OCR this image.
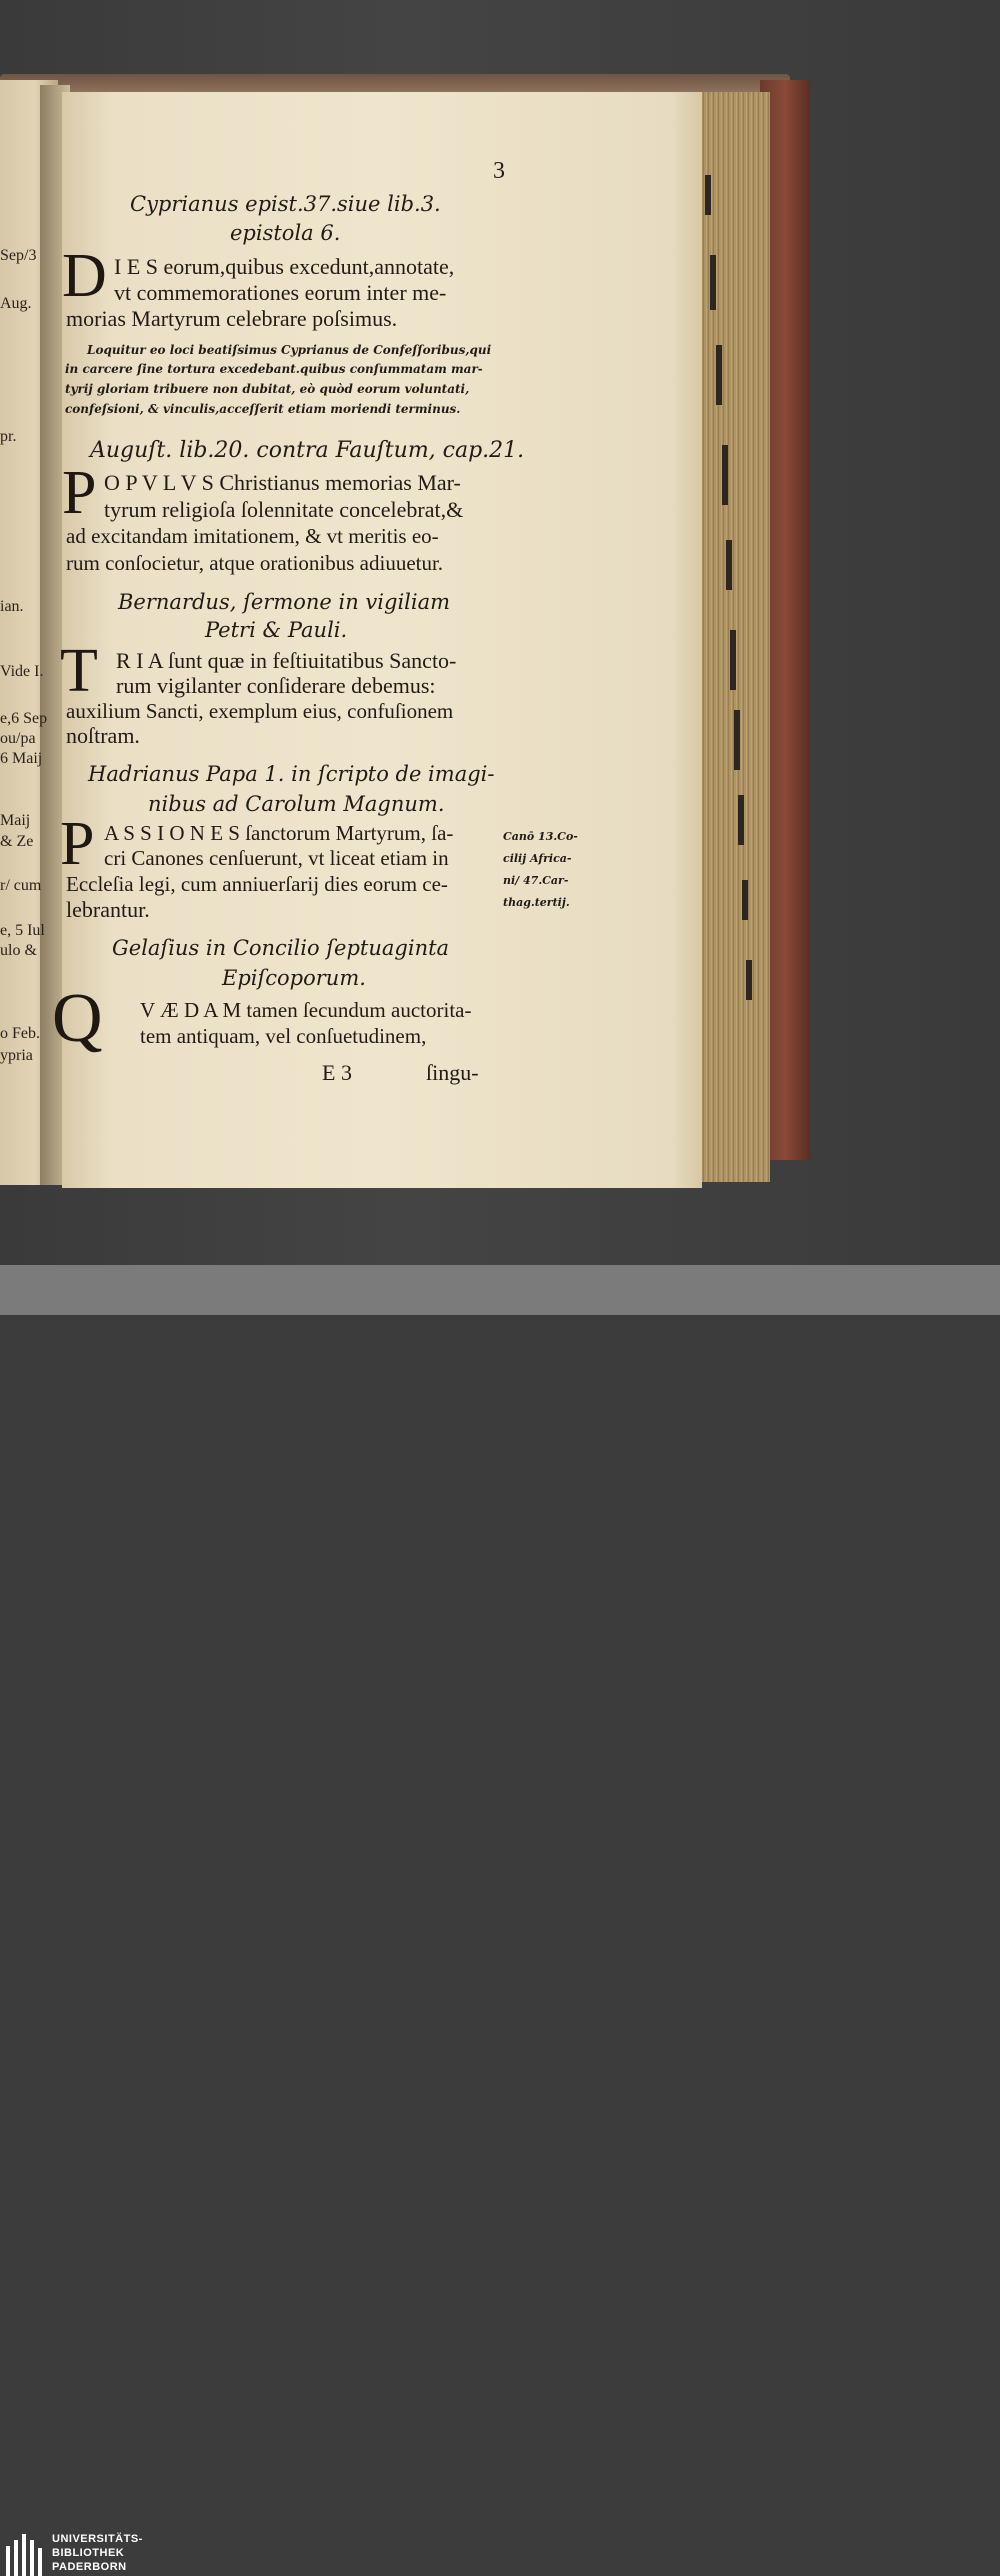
Sep/3
Aug.
pr.
ian.
Vide I.
e,6 Sep
ou/pa
6 Maij
Maij
& Ze
r/ cum
e, 5 Iul
ulo &
o Feb.
ypria
3
Cyprianus epist.37.siue lib.3.
epistola 6.
D I E S eorum,quibus excedunt,annotate,
vt commemorationes eorum inter me-
morias Martyrum celebrare poſsimus.
Loquitur eo loci beatiſsimus Cyprianus de Confeſſoribus,qui
in carcere ſine tortura excedebant.quibus conſummatam mar-
tyrij gloriam tribuere non dubitat, eò quòd eorum voluntati,
confeſsioni, & vinculis,acceſſerit etiam moriendi terminus.
Auguſt. lib.20. contra Fauſtum, cap.21.
P O P V L V S Christianus memorias Mar-
tyrum religioſa ſolennitate concelebrat,&
ad excitandam imitationem, & vt meritis eo-
rum conſocietur, atque orationibus adiuuetur.
Bernardus, ſermone in vigiliam
Petri & Pauli.
T R I A ſunt quæ in feſtiuitatibus Sancto-
rum vigilanter conſiderare debemus:
auxilium Sancti, exemplum eius, confuſionem
noſtram.
Hadrianus Papa 1. in ſcripto de imagi-
nibus ad Carolum Magnum.
P A S S I O N E S ſanctorum Martyrum, ſa-
cri Canones cenſuerunt, vt liceat etiam in
Eccleſia legi, cum anniuerſarij dies eorum ce-
lebrantur.
Canō 13.Co-
cilij Africa-
ni/ 47.Car-
thag.tertij.
Gelaſius in Concilio ſeptuaginta
Epiſcoporum.
Q V Æ D A M tamen ſecundum auctorita-
tem antiquam, vel conſuetudinem,
E 3	ſingu-
UNIVERSITÄTS-
BIBLIOTHEK
PADERBORN
